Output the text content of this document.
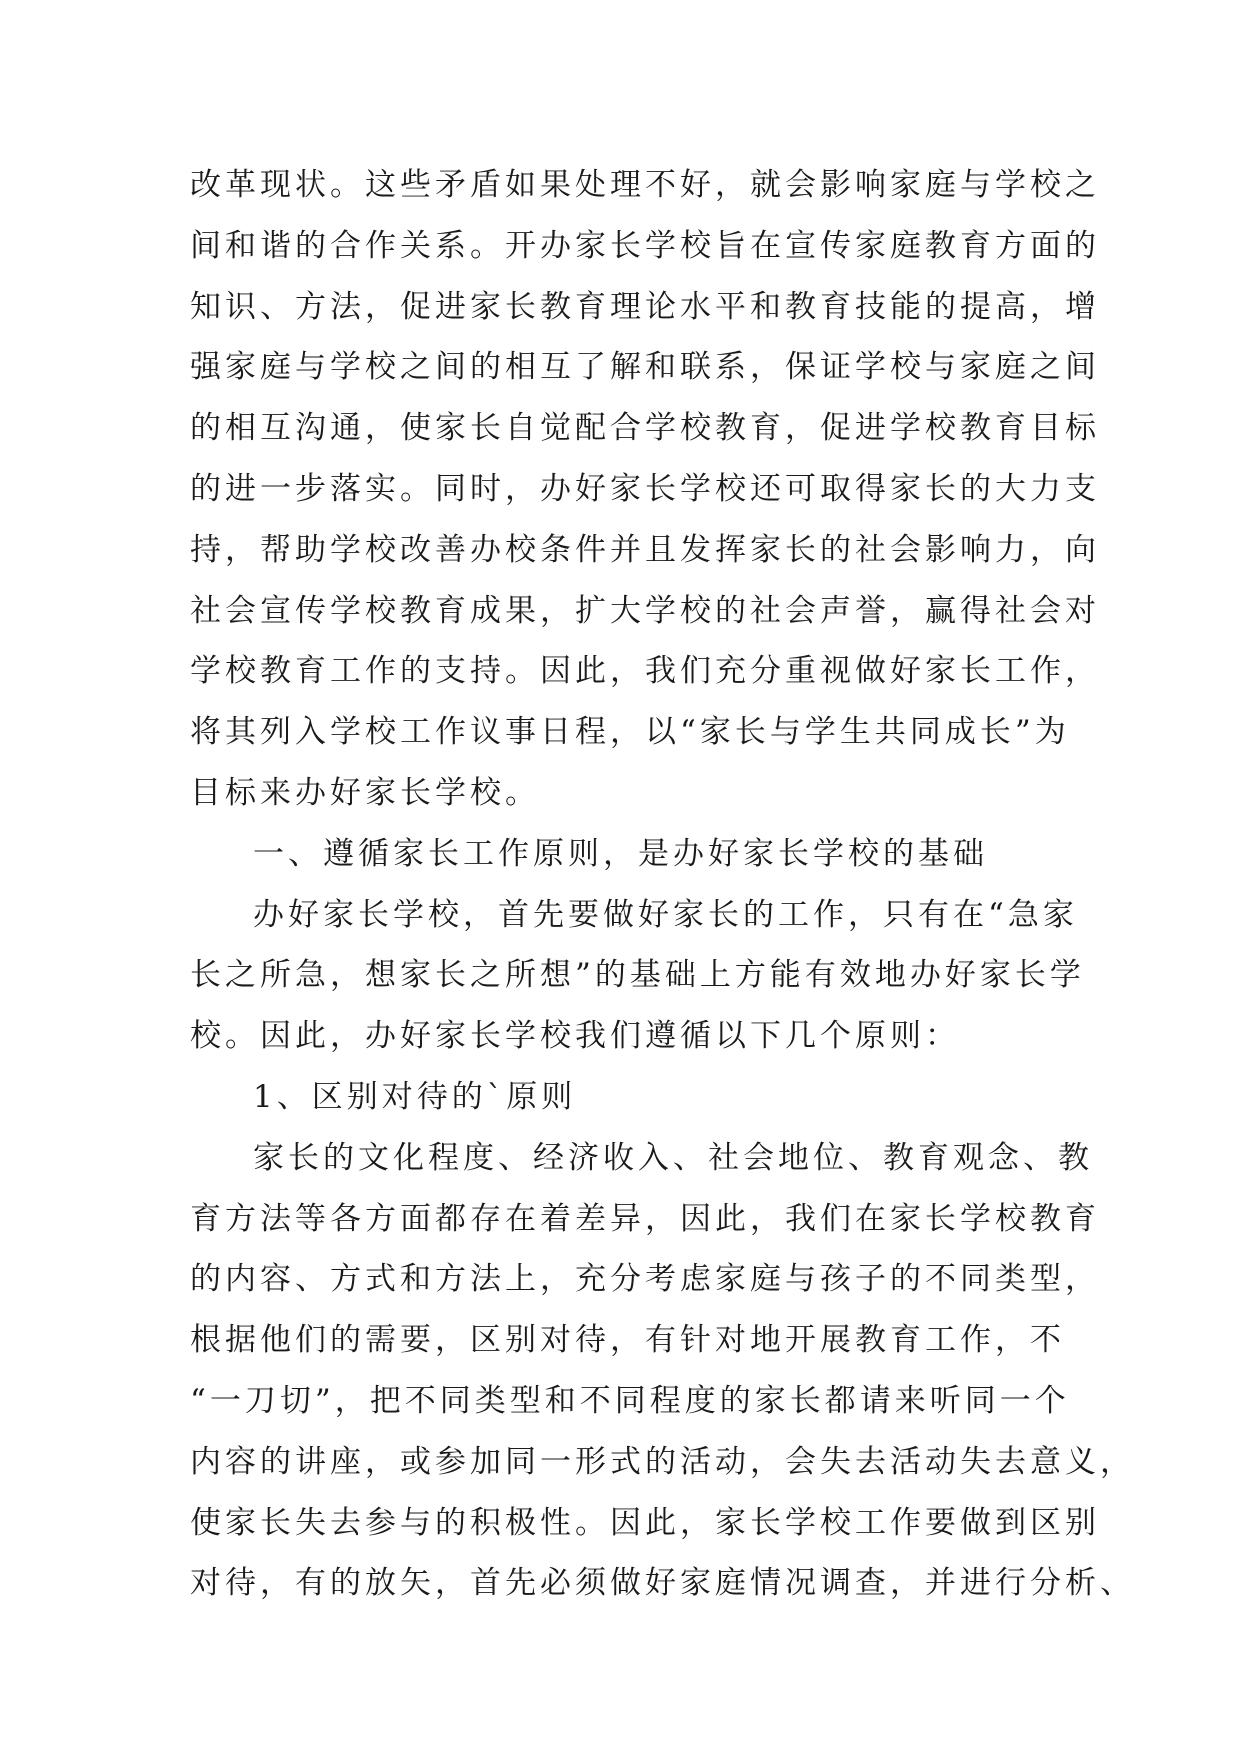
改革现状。这些矛盾如果处理不好，就会影响家庭与学校之
间和谐的合作关系。开办家长学校旨在宣传家庭教育方面的
知识、方法，促进家长教育理论水平和教育技能的提高，增
强家庭与学校之间的相互了解和联系，保证学校与家庭之间
的相互沟通，使家长自觉配合学校教育，促进学校教育目标
的进一步落实。同时，办好家长学校还可取得家长的大力支
持，帮助学校改善办校条件并且发挥家长的社会影响力，向
社会宣传学校教育成果，扩大学校的社会声誉，赢得社会对
学校教育工作的支持。因此，我们充分重视做好家长工作，
将其列入学校工作议事日程，以“家长与学生共同成长”为
目标来办好家长学校。
一、遵循家长工作原则，是办好家长学校的基础
办好家长学校，首先要做好家长的工作，只有在“急家
长之所急，想家长之所想”的基础上方能有效地办好家长学
校。因此，办好家长学校我们遵循以下几个原则：
1、区别对待的`原则
家长的文化程度、经济收入、社会地位、教育观念、教
育方法等各方面都存在着差异，因此，我们在家长学校教育
的内容、方式和方法上，充分考虑家庭与孩子的不同类型，
根据他们的需要，区别对待，有针对地开展教育工作，不
“一刀切”，把不同类型和不同程度的家长都请来听同一个
内容的讲座，或参加同一形式的活动，会失去活动失去意义，
使家长失去参与的积极性。因此，家长学校工作要做到区别
对待，有的放矢，首先必须做好家庭情况调查，并进行分析、
